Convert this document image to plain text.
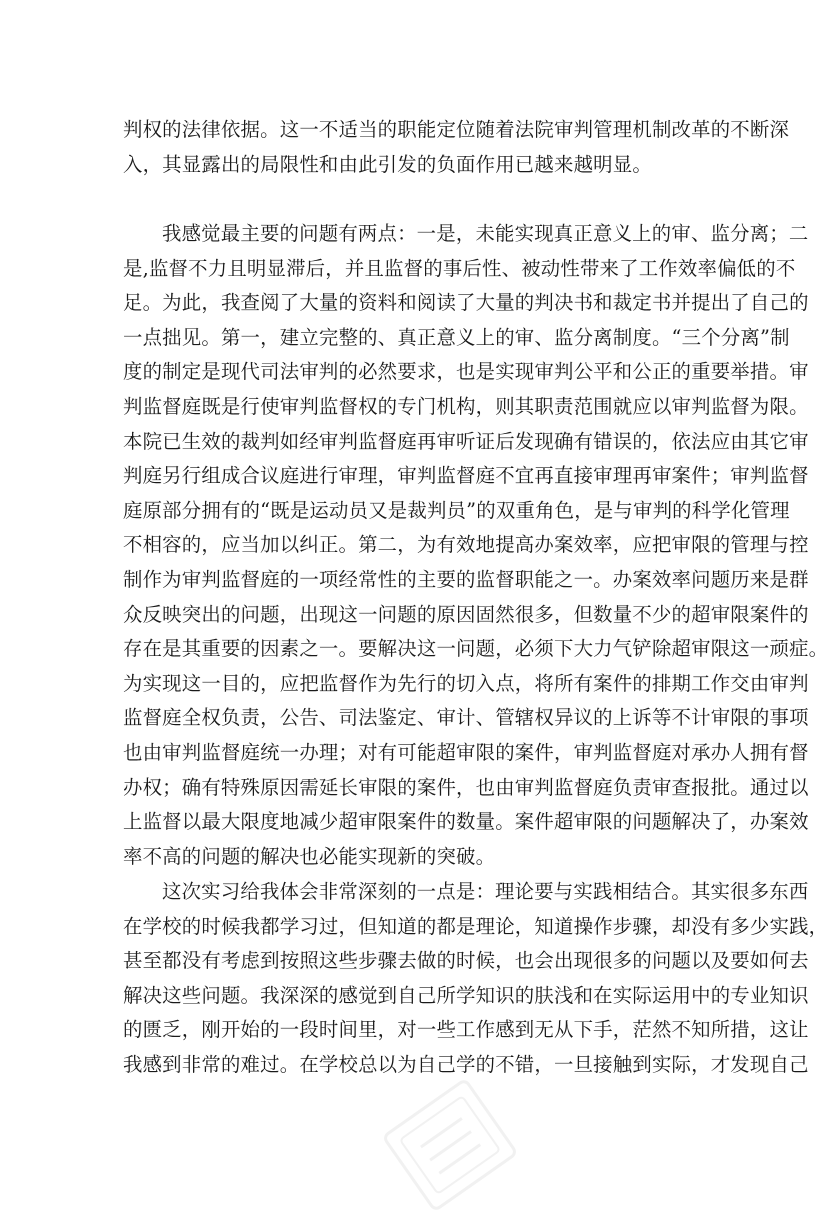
判权的法律依据。这一不适当的职能定位随着法院审判管理机制改革的不断深
入，其显露出的局限性和由此引发的负面作用已越来越明显。
我感觉最主要的问题有两点：一是，未能实现真正意义上的审、监分离；二
是,监督不力且明显滞后，并且监督的事后性、被动性带来了工作效率偏低的不
足。为此，我查阅了大量的资料和阅读了大量的判决书和裁定书并提出了自己的
一点拙见。第一，建立完整的、真正意义上的审、监分离制度。“三个分离”制
度的制定是现代司法审判的必然要求，也是实现审判公平和公正的重要举措。审
判监督庭既是行使审判监督权的专门机构，则其职责范围就应以审判监督为限。
本院已生效的裁判如经审判监督庭再审听证后发现确有错误的，依法应由其它审
判庭另行组成合议庭进行审理，审判监督庭不宜再直接审理再审案件；审判监督
庭原部分拥有的“既是运动员又是裁判员”的双重角色，是与审判的科学化管理
不相容的，应当加以纠正。第二，为有效地提高办案效率，应把审限的管理与控
制作为审判监督庭的一项经常性的主要的监督职能之一。办案效率问题历来是群
众反映突出的问题，出现这一问题的原因固然很多，但数量不少的超审限案件的
存在是其重要的因素之一。要解决这一问题，必须下大力气铲除超审限这一顽症。
为实现这一目的，应把监督作为先行的切入点，将所有案件的排期工作交由审判
监督庭全权负责，公告、司法鉴定、审计、管辖权异议的上诉等不计审限的事项
也由审判监督庭统一办理；对有可能超审限的案件，审判监督庭对承办人拥有督
办权；确有特殊原因需延长审限的案件，也由审判监督庭负责审查报批。通过以
上监督以最大限度地减少超审限案件的数量。案件超审限的问题解决了，办案效
率不高的问题的解决也必能实现新的突破。
这次实习给我体会非常深刻的一点是：理论要与实践相结合。其实很多东西
在学校的时候我都学习过，但知道的都是理论，知道操作步骤，却没有多少实践，
甚至都没有考虑到按照这些步骤去做的时候，也会出现很多的问题以及要如何去
解决这些问题。我深深的感觉到自己所学知识的肤浅和在实际运用中的专业知识
的匮乏，刚开始的一段时间里，对一些工作感到无从下手，茫然不知所措，这让
我感到非常的难过。在学校总以为自己学的不错，一旦接触到实际，才发现自己
